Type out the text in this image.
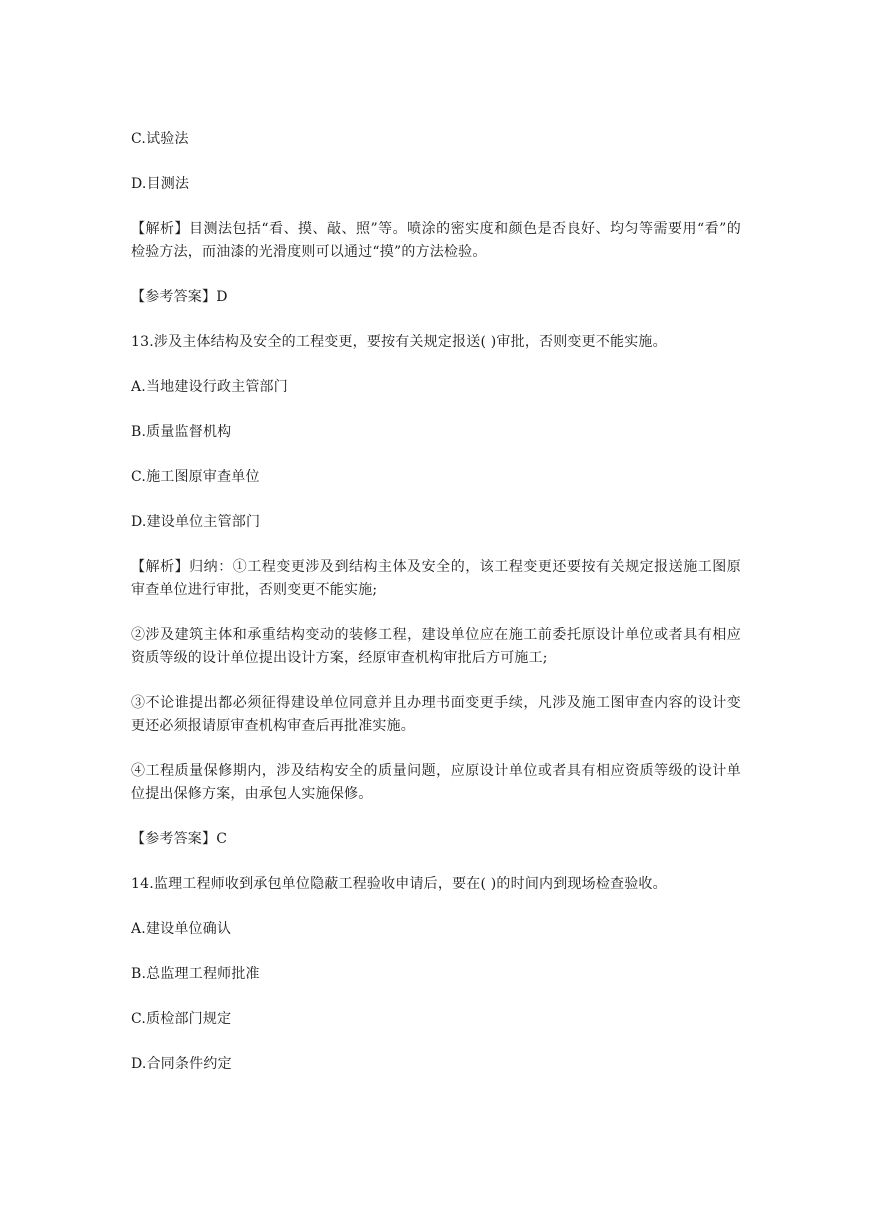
C.试验法

D.目测法

【解析】目测法包括“看、摸、敲、照”等。喷涂的密实度和颜色是否良好、均匀等需要用“看”的检验方法，而油漆的光滑度则可以通过“摸”的方法检验。

【参考答案】D

13.涉及主体结构及安全的工程变更，要按有关规定报送( )审批，否则变更不能实施。

A.当地建设行政主管部门

B.质量监督机构

C.施工图原审查单位

D.建设单位主管部门

【解析】归纳：①工程变更涉及到结构主体及安全的，该工程变更还要按有关规定报送施工图原审查单位进行审批，否则变更不能实施;

②涉及建筑主体和承重结构变动的装修工程，建设单位应在施工前委托原设计单位或者具有相应资质等级的设计单位提出设计方案，经原审查机构审批后方可施工;

③不论谁提出都必须征得建设单位同意并且办理书面变更手续，凡涉及施工图审查内容的设计变更还必须报请原审查机构审查后再批准实施。

④工程质量保修期内，涉及结构安全的质量问题，应原设计单位或者具有相应资质等级的设计单位提出保修方案，由承包人实施保修。

【参考答案】C

14.监理工程师收到承包单位隐蔽工程验收申请后，要在( )的时间内到现场检查验收。

A.建设单位确认

B.总监理工程师批准

C.质检部门规定

D.合同条件约定
